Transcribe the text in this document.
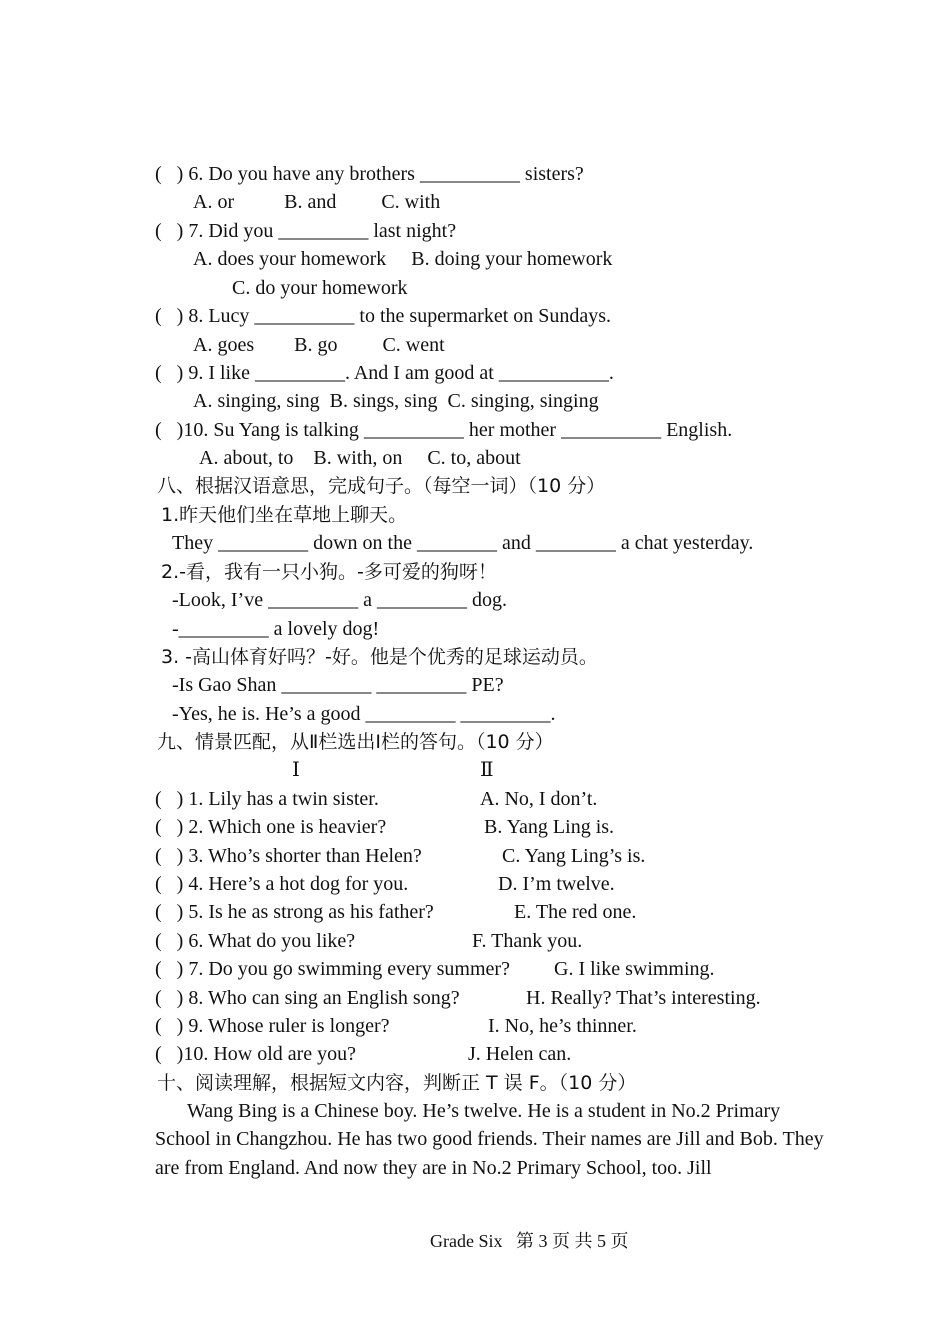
(   ) 6. Do you have any brothers __________ sisters?
A. or          B. and         C. with
(   ) 7. Did you _________ last night?
A. does your homework     B. doing your homework
C. do your homework
(   ) 8. Lucy __________ to the supermarket on Sundays.
A. goes        B. go         C. went
(   ) 9. I like _________. And I am good at ___________.
A. singing, sing  B. sings, sing  C. singing, singing
(   )10. Su Yang is talking __________ her mother __________ English.
A. about, to    B. with, on     C. to, about
八、根据汉语意思，完成句子。（每空一词）（10 分）
1.昨天他们坐在草地上聊天。
They _________ down on the ________ and ________ a chat yesterday.
2.-看，我有一只小狗。-多可爱的狗呀！
-Look, I’ve _________ a _________ dog.
-_________ a lovely dog!
3. -高山体育好吗？-好。他是个优秀的足球运动员。
-Is Gao Shan _________ _________ PE?
-Yes, he is. He’s a good _________ _________.
九、情景匹配，从Ⅱ栏选出Ⅰ栏的答句。（10 分）
Ⅰ	Ⅱ
(   ) 1. Lily has a twin sister.	A. No, I don’t.
(   ) 2. Which one is heavier?	B. Yang Ling is.
(   ) 3. Who’s shorter than Helen?	C. Yang Ling’s is.
(   ) 4. Here’s a hot dog for you.	D. I’m twelve.
(   ) 5. Is he as strong as his father?	E. The red one.
(   ) 6. What do you like?	F. Thank you.
(   ) 7. Do you go swimming every summer? G. I like swimming.
(   ) 8. Who can sing an English song?	H. Really? That’s interesting.
(   ) 9. Whose ruler is longer?	I. No, he’s thinner.
(   )10. How old are you?	J. Helen can.
十、阅读理解，根据短文内容，判断正 T 误 F。（10 分）
Wang Bing is a Chinese boy. He’s twelve. He is a student in No.2 Primary School in Changzhou. He has two good friends. Their names are Jill and Bob. They are from England. And now they are in No.2 Primary School, too. Jill
Grade Six   第 3 页 共 5 页
